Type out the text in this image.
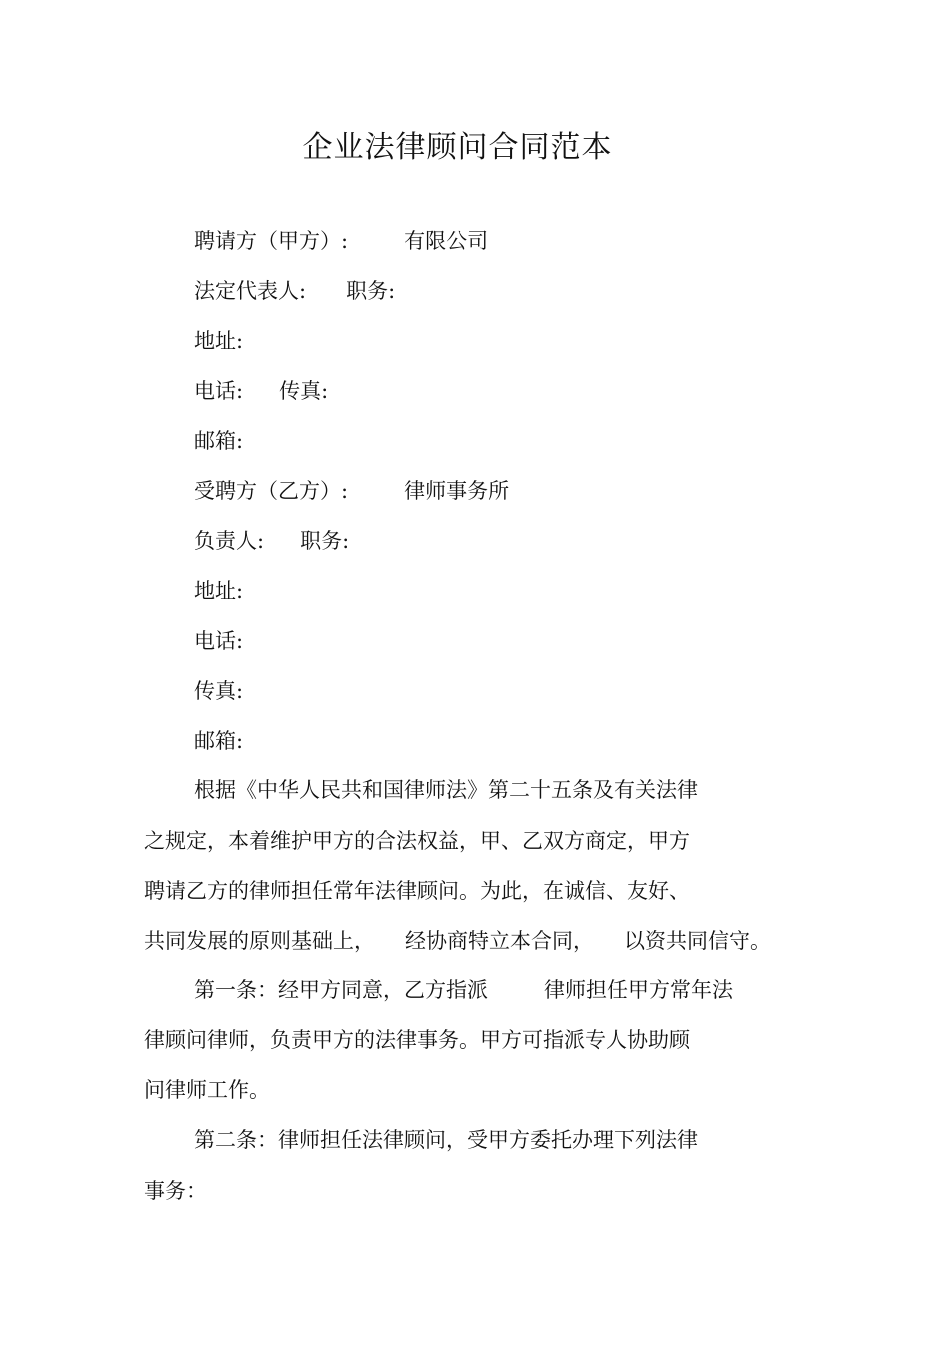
企业法律顾问合同范本

聘请方（甲方）:	有限公司

法定代表人: 职务:

地址:

电话: 传真:

邮箱:

受聘方（乙方）:	律师事务所

负责人: 职务:

地址:

电话:

传真:

邮箱:

根据《中华人民共和国律师法》第二十五条及有关法律

之规定，本着维护甲方的合法权益，甲、乙双方商定，甲方

聘请乙方的律师担任常年法律顾问。为此，在诚信、友好、

共同发展的原则基础上， 经协商特立本合同， 以资共同信守。

第一条：经甲方同意，乙方指派	律师担任甲方常年法

律顾问律师，负责甲方的法律事务。甲方可指派专人协助顾

问律师工作。

第二条：律师担任法律顾问，受甲方委托办理下列法律

事务：
